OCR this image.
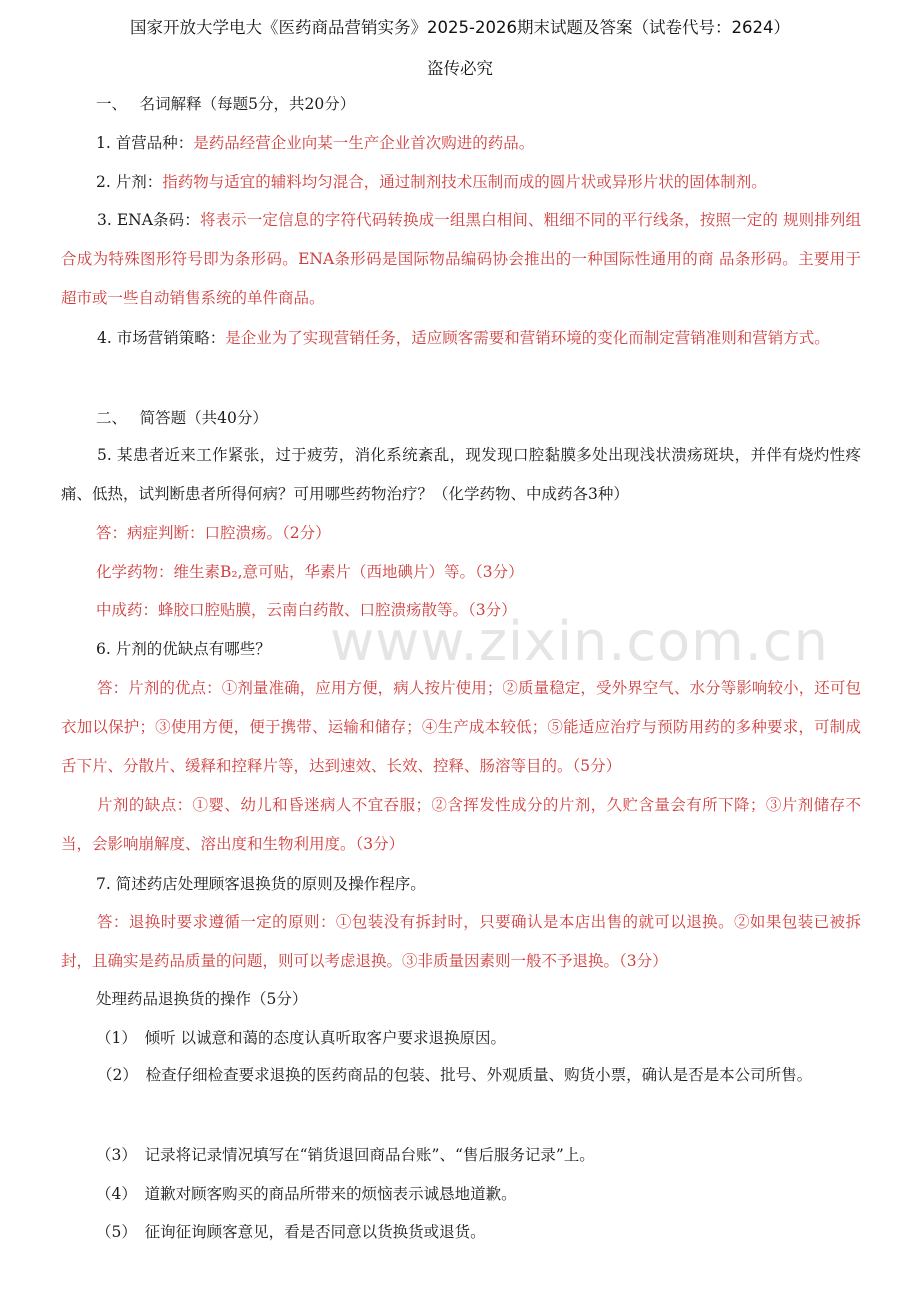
国家开放大学电大《医药商品营销实务》2025-2026期末试题及答案（试卷代号：2624）
盗传必究
一、　 名词解释（每题5分，共20分）
1. 首营品种：是药品经营企业向某一生产企业首次购进的药品。
2. 片剂：指药物与适宜的辅料均匀混合，通过制剂技术压制而成的圆片状或异形片状的固体制剂。

3. ENA条码：将表示一定信息的字符代码转换成一组黑白相间、粗细不同的平行线条，按照一定的 规则排列组合成为特殊图形符号即为条形码。ENA条形码是国际物品编码协会推出的一种国际性通用的商 品条形码。主要用于超市或一些自动销售系统的单件商品。

4. 市场营销策略：是企业为了实现营销任务，适应顾客需要和营销环境的变化而制定营销准则和营销方式。

二、　 简答题（共40分）

5. 某患者近来工作紧张，过于疲劳，消化系统紊乱，现发现口腔黏膜多处出现浅状溃疡斑块，并伴有烧灼性疼痛、低热，试判断患者所得何病？可用哪些药物治疗？（化学药物、中成药各3种）

答：病症判断：口腔溃疡。（2分）
化学药物：维生素B₂,意可贴，华素片（西地碘片）等。（3分）
中成药：蜂胶口腔贴膜，云南白药散、口腔溃疡散等。（3分）
6. 片剂的优缺点有哪些？

答：片剂的优点：①剂量准确，应用方便，病人按片使用；②质量稳定，受外界空气、水分等影响较小，还可包衣加以保护；③使用方便，便于携带、运输和储存；④生产成本较低；⑤能适应治疗与预防用药的多种要求，可制成舌下片、分散片、缓释和控释片等，达到速效、长效、控释、肠溶等目的。（5分）

片剂的缺点：①婴、幼儿和昏迷病人不宜吞服；②含挥发性成分的片剂，久贮含量会有所下降；③片剂储存不当，会影响崩解度、溶出度和生物利用度。（3分）

7. 简述药店处理顾客退换货的原则及操作程序。

答：退换时要求遵循一定的原则：①包装没有拆封时，只要确认是本店出售的就可以退换。②如果包装已被拆封，且确实是药品质量的问题，则可以考虑退换。③非质量因素则一般不予退换。（3分）

处理药品退换货的操作（5分）
（1）　倾听 以诚意和蔼的态度认真听取客户要求退换原因。

（2）　检查仔细检查要求退换的医药商品的包装、批号、外观质量、购货小票，确认是否是本公司所售。

（3）　记录将记录情况填写在“销货退回商品台账”、“售后服务记录”上。
（4）　道歉对顾客购买的商品所带来的烦恼表示诚恳地道歉。
（5）　征询征询顾客意见，看是否同意以货换货或退货。
www.zixin.com.cn
